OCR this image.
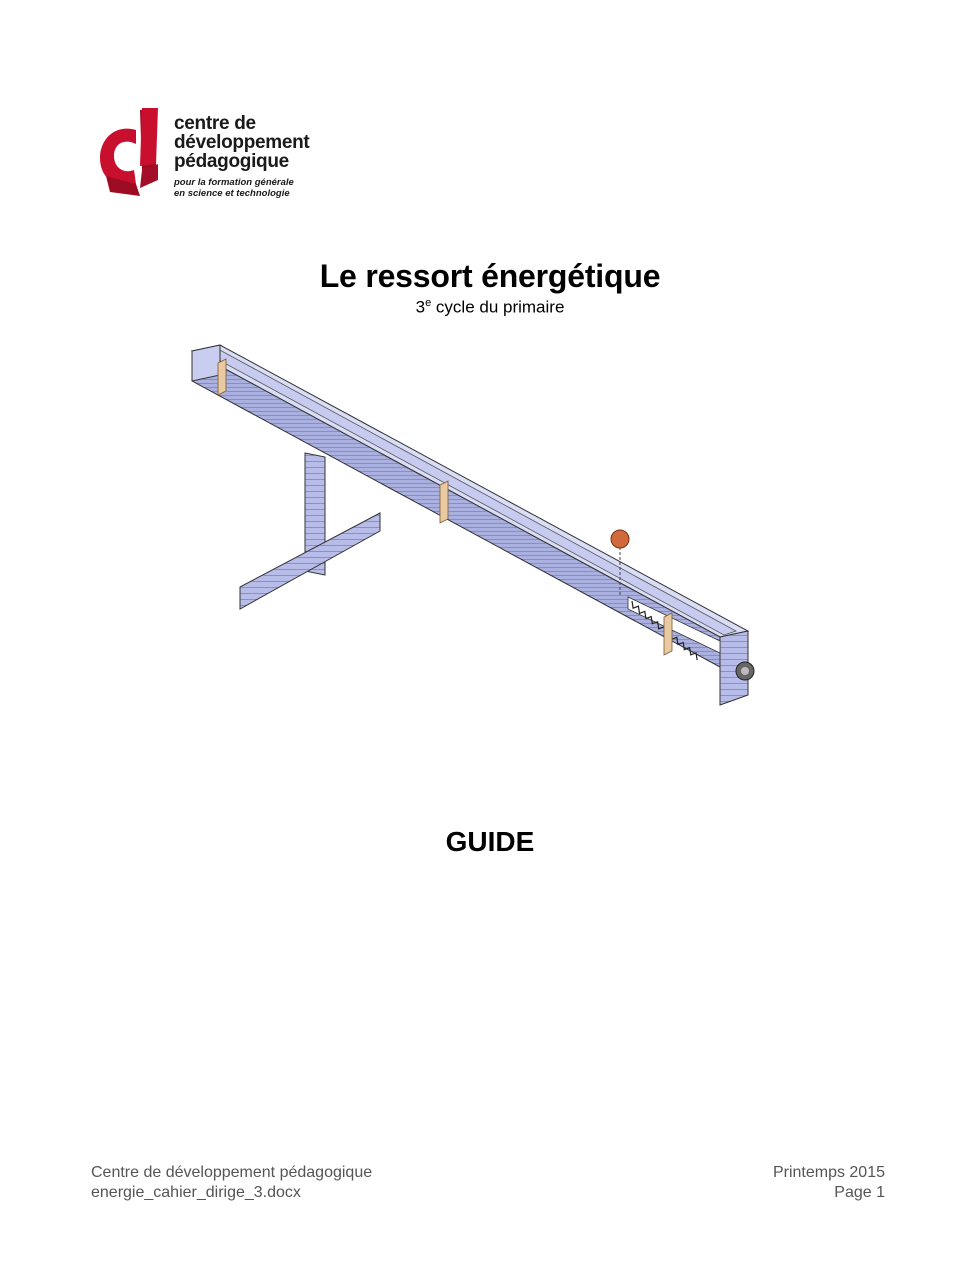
centre de
développement
pédagogique
pour la formation générale
en science et technologie
Le ressort énergétique
3e cycle du primaire
GUIDE
Centre de développement pédagogique
energie_cahier_dirige_3.docx
Printemps 2015
Page 1
